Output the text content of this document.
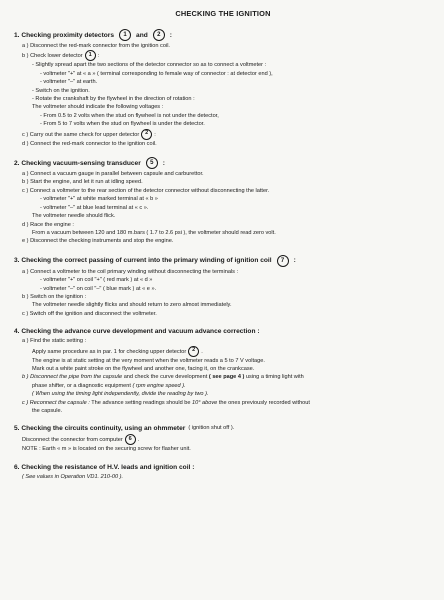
CHECKING THE IGNITION
1. Checking proximity detectors	1	and	2	:
a ) Disconnect the red-mark connector from the ignition coil.
b ) Check lower detector 1 :
- Slightly spread apart the two sections of the detector connector so as to connect a voltmeter :
- voltmeter "+" at « a » ( terminal corresponding to female way of connector : at detector end ),
- voltmeter "–" at earth.
- Switch on the ignition.
- Rotate the crankshaft by the flywheel in the direction of rotation :
The voltmeter should indicate the following voltages :
- From 0.5 to 2 volts when the stud on flywheel is not under the detector,
- From 5 to 7 volts when the stud on flywheel is under the detector.
c ) Carry out the same check for upper detector 2 :
d ) Connect the red-mark connector to the ignition coil.
2. Checking vacuum-sensing transducer	5	:
a ) Connect a vacuum gauge in parallel between capsule and carburettor.
b ) Start the engine, and let it run at idling speed.
c ) Connect a voltmeter to the rear section of the detector connector without disconnecting the latter.
- voltmeter "+" at white marked terminal at « b »
- voltmeter "–" at blue lead terminal at « c ».
The voltmeter needle should flick.
d ) Race the engine :
From a vacuum between 120 and 180 m.bars ( 1.7 to 2.6 psi ), the voltmeter should read zero volt.
e ) Disconnect the checking instruments and stop the engine.
3. Checking the correct passing of current into the primary winding of ignition coil	7	:
a ) Connect a voltmeter to the coil primary winding without disconnecting the terminals :
- voltmeter "+" on coil "+" ( red mark ) at « d »
- voltmeter "–" on coil "–" ( blue mark ) at « e ».
b ) Switch on the ignition :
The voltmeter needle slightly flicks and should return to zero almost immediately.
c ) Switch off the ignition and disconnect the voltmeter.
4. Checking the advance curve development and vacuum advance correction :
a ) Find the static setting :
Apply same procedure as in par. 1 for checking upper detector 2 .
The engine is at static setting at the very moment when the voltmeter reads a 5 to 7 V voltage.
Mark out a white paint stroke on the flywheel and another one, facing it, on the crankcase.
b ) Disconnect the pipe from the capsule and check the curve development ( see page 4 ) using a timing light with
phase shifter, or a diagnostic equipment ( rpm engine speed ).
( When using the timing light independently, divide the reading by two ).
c ) Reconnect the capsule : The advance setting readings should be 10° above the ones previously recorded without
the capsule.
5. Checking the circuits continuity, using an ohmmeter ( ignition shut off ).
Disconnect the connector from computer 6 .
NOTE : Earth « m » is located on the securing screw for flasher unit.
6. Checking the resistance of H.V. leads and ignition coil :
( See values in Operation VD1. 210-00 ).
